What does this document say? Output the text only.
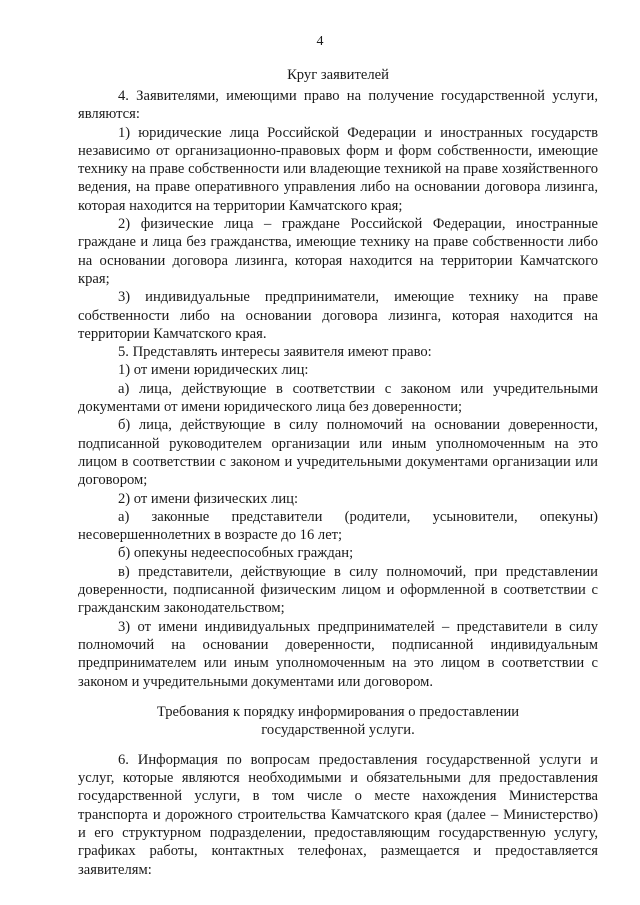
4

Круг заявителей

4. Заявителями, имеющими право на получение государственной услуги, являются:

1) юридические лица Российской Федерации и иностранных государств независимо от организационно-правовых форм и форм собственности, имеющие технику на праве собственности или владеющие техникой на праве хозяйственного ведения, на праве оперативного управления либо на основании договора лизинга, которая находится на территории Камчатского края;

2) физические лица – граждане Российской Федерации, иностранные граждане и лица без гражданства, имеющие технику на праве собственности либо на основании договора лизинга, которая находится на территории Камчатского края;

3) индивидуальные предприниматели, имеющие технику на праве собственности либо на основании договора лизинга, которая находится на территории Камчатского края.

5. Представлять интересы заявителя имеют право:

1) от имени юридических лиц:

а) лица, действующие в соответствии с законом или учредительными документами от имени юридического лица без доверенности;

б) лица, действующие в силу полномочий на основании доверенности, подписанной руководителем организации или иным уполномоченным на это лицом в соответствии с законом и учредительными документами организации или договором;

2) от имени физических лиц:

а) законные представители (родители, усыновители, опекуны) несовершеннолетних в возрасте до 16 лет;

б) опекуны недееспособных граждан;

в) представители, действующие в силу полномочий, при представлении доверенности, подписанной физическим лицом и оформленной в соответствии с гражданским законодательством;

3) от имени индивидуальных предпринимателей – представители в силу полномочий на основании доверенности, подписанной индивидуальным предпринимателем или иным уполномоченным на это лицом в соответствии с законом и учредительными документами или договором.

Требования к порядку информирования о предоставлении

государственной услуги.

6. Информация по вопросам предоставления государственной услуги и услуг, которые являются необходимыми и обязательными для предоставления государственной услуги, в том числе о месте нахождения Министерства транспорта и дорожного строительства Камчатского края (далее – Министерство) и его структурном подразделении, предоставляющим государственную услугу, графиках работы, контактных телефонах, размещается и предоставляется заявителям:
